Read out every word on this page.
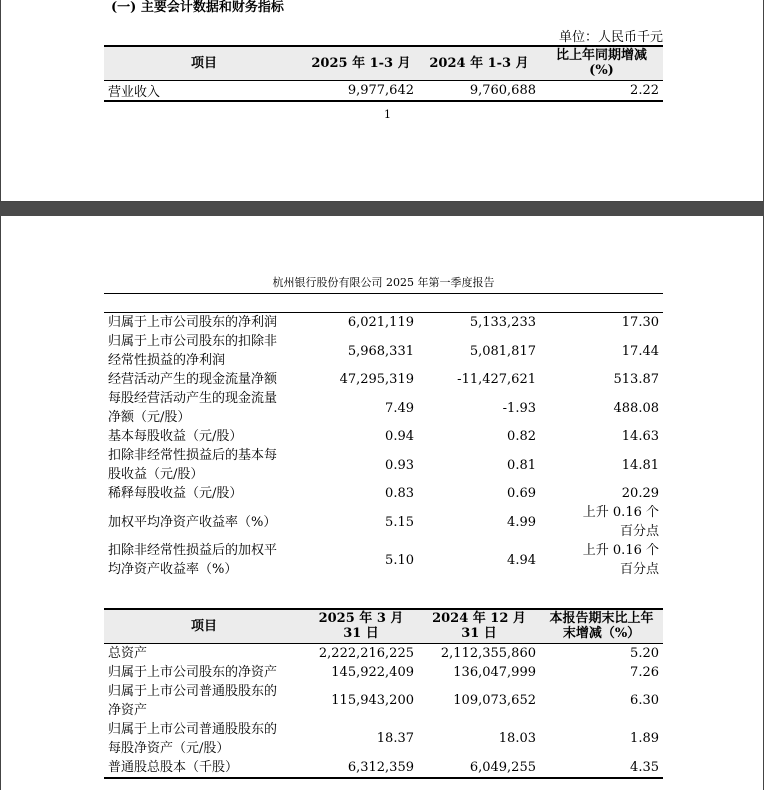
(一) 主要会计数据和财务指标
单位：人民币千元
项目	2025 年 1-3 月	2024 年 1-3 月	比上年同期增减
(%)
营业收入	9,977,642	9,760,688	2.22
1
杭州银行股份有限公司 2025 年第一季度报告
归属于上市公司股东的净利润	6,021,119	5,133,233	17.30
归属于上市公司股东的扣除非
经常性损益的净利润	5,968,331	5,081,817	17.44
经营活动产生的现金流量净额	47,295,319	-11,427,621	513.87
每股经营活动产生的现金流量
净额（元/股）	7.49	-1.93	488.08
基本每股收益（元/股）	0.94	0.82	14.63
扣除非经常性损益后的基本每
股收益（元/股）	0.93	0.81	14.81
稀释每股收益（元/股）	0.83	0.69	20.29
加权平均净资产收益率（%）	5.15	4.99	上升 0.16 个
百分点
扣除非经常性损益后的加权平
均净资产收益率（%）	5.10	4.94	上升 0.16 个
百分点
项目	2025 年 3 月 31 日	2024 年 12 月 31 日	本报告期末比上年
末增减（%）
总资产	2,222,216,225	2,112,355,860	5.20
归属于上市公司股东的净资产	145,922,409	136,047,999	7.26
归属于上市公司普通股股东的
净资产	115,943,200	109,073,652	6.30
归属于上市公司普通股股东的
每股净资产（元/股）	18.37	18.03	1.89
普通股总股本（千股）	6,312,359	6,049,255	4.35
